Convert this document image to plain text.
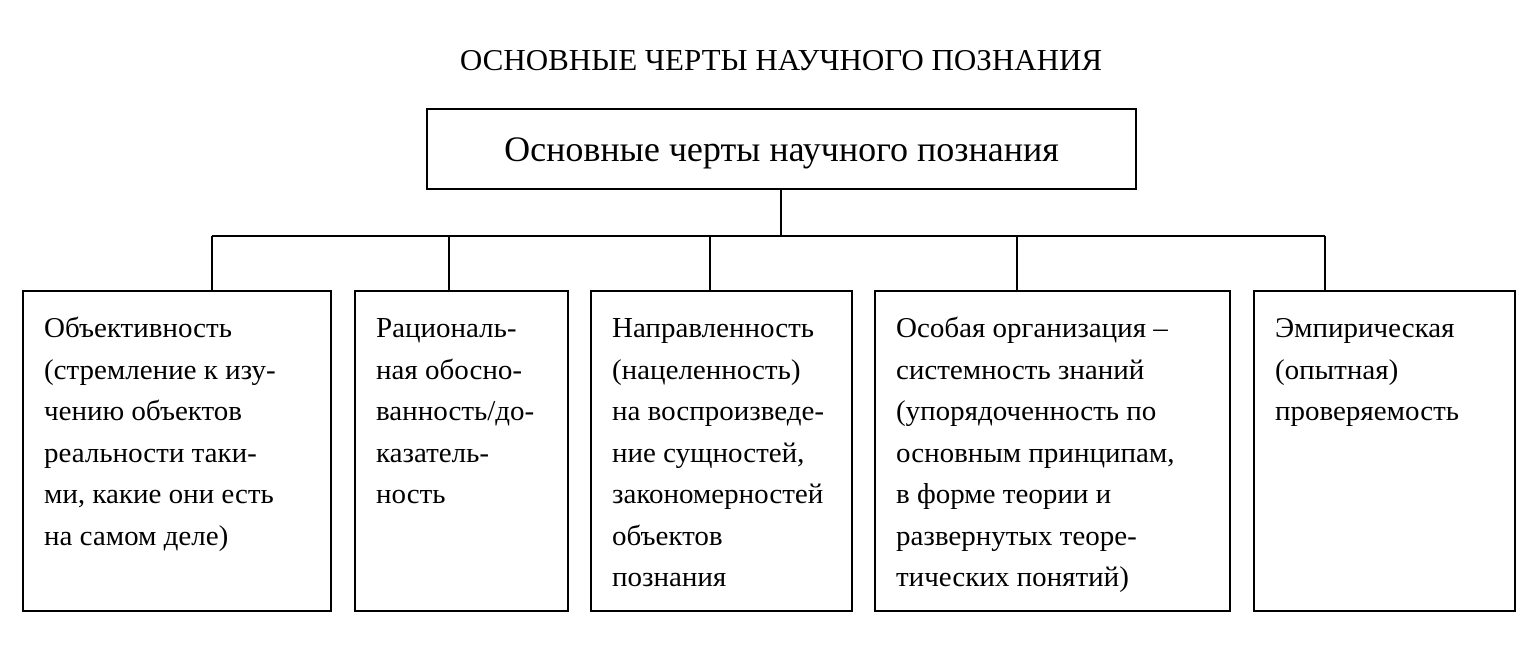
ОСНОВНЫЕ ЧЕРТЫ НАУЧНОГО ПОЗНАНИЯ
Основные черты научного познания
Объективность
(стремление к изу-
чению объектов
реальности таки-
ми, какие они есть
на самом деле)
Рациональ-
ная обосно-
ванность/до-
казатель-
ность
Направленность
(нацеленность)
на воспроизведе-
ние сущностей,
закономерностей
объектов
познания
Особая организация –
системность знаний
(упорядоченность по
основным принципам,
в форме теории и
развернутых теоре-
тических понятий)
Эмпирическая
(опытная)
проверяемость
